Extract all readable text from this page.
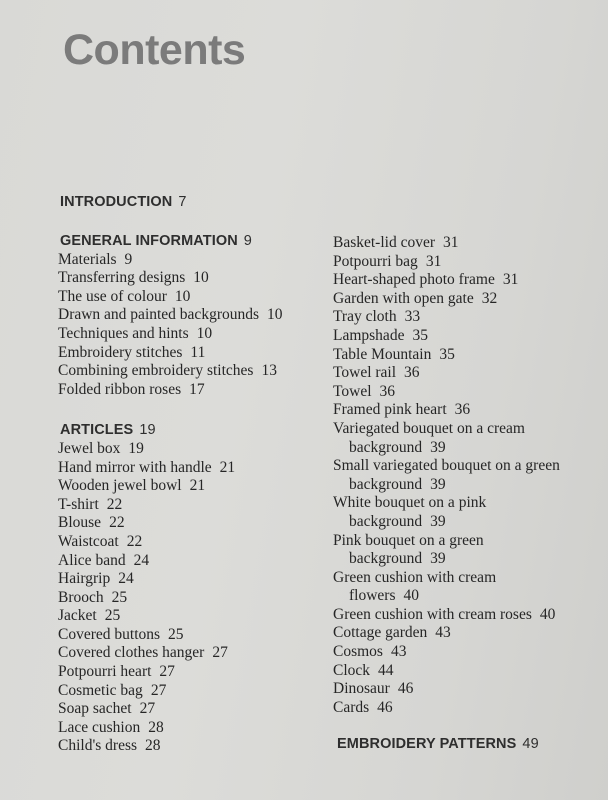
Contents
INTRODUCTION 7
GENERAL INFORMATION 9
Materials 9
Transferring designs 10
The use of colour 10
Drawn and painted backgrounds 10
Techniques and hints 10
Embroidery stitches 11
Combining embroidery stitches 13
Folded ribbon roses 17
ARTICLES 19
Jewel box 19
Hand mirror with handle 21
Wooden jewel bowl 21
T-shirt 22
Blouse 22
Waistcoat 22
Alice band 24
Hairgrip 24
Brooch 25
Jacket 25
Covered buttons 25
Covered clothes hanger 27
Potpourri heart 27
Cosmetic bag 27
Soap sachet 27
Lace cushion 28
Child's dress 28
Basket-lid cover 31
Potpourri bag 31
Heart-shaped photo frame 31
Garden with open gate 32
Tray cloth 33
Lampshade 35
Table Mountain 35
Towel rail 36
Towel 36
Framed pink heart 36
Variegated bouquet on a cream
background 39
Small variegated bouquet on a green
background 39
White bouquet on a pink
background 39
Pink bouquet on a green
background 39
Green cushion with cream
flowers 40
Green cushion with cream roses 40
Cottage garden 43
Cosmos 43
Clock 44
Dinosaur 46
Cards 46
EMBROIDERY PATTERNS 49
